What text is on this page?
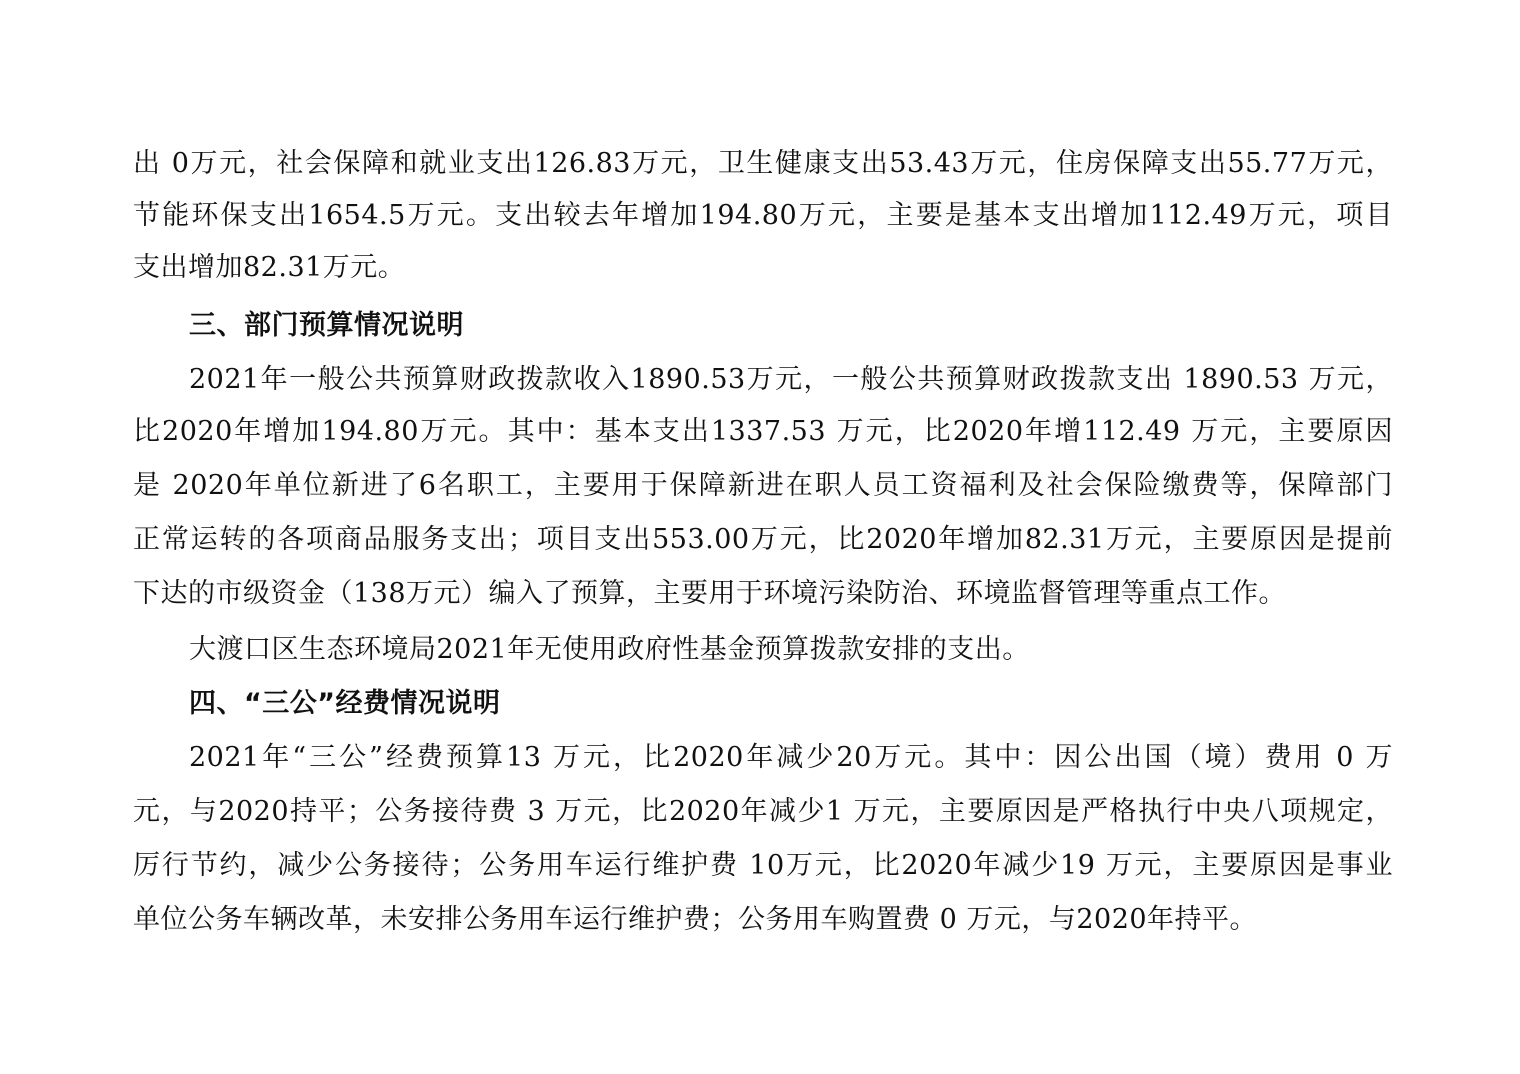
出 0万元，社会保障和就业支出126.83万元，卫生健康支出53.43万元，住房保障支出55.77万元，
节能环保支出1654.5万元。支出较去年增加194.80万元，主要是基本支出增加112.49万元，项目
支出增加82.31万元。
三、部门预算情况说明
2021年一般公共预算财政拨款收入1890.53万元，一般公共预算财政拨款支出 1890.53 万元，
比2020年增加194.80万元。其中：基本支出1337.53 万元，比2020年增112.49 万元，主要原因
是 2020年单位新进了6名职工，主要用于保障新进在职人员工资福利及社会保险缴费等，保障部门
正常运转的各项商品服务支出；项目支出553.00万元，比2020年增加82.31万元，主要原因是提前
下达的市级资金（138万元）编入了预算，主要用于环境污染防治、环境监督管理等重点工作。
大渡口区生态环境局2021年无使用政府性基金预算拨款安排的支出。
四、“三公”经费情况说明
2021年“三公”经费预算13 万元，比2020年减少20万元。其中：因公出国（境）费用 0 万
元，与2020持平；公务接待费 3 万元，比2020年减少1 万元，主要原因是严格执行中央八项规定，
厉行节约，减少公务接待；公务用车运行维护费 10万元，比2020年减少19 万元，主要原因是事业
单位公务车辆改革，未安排公务用车运行维护费；公务用车购置费 0 万元，与2020年持平。
